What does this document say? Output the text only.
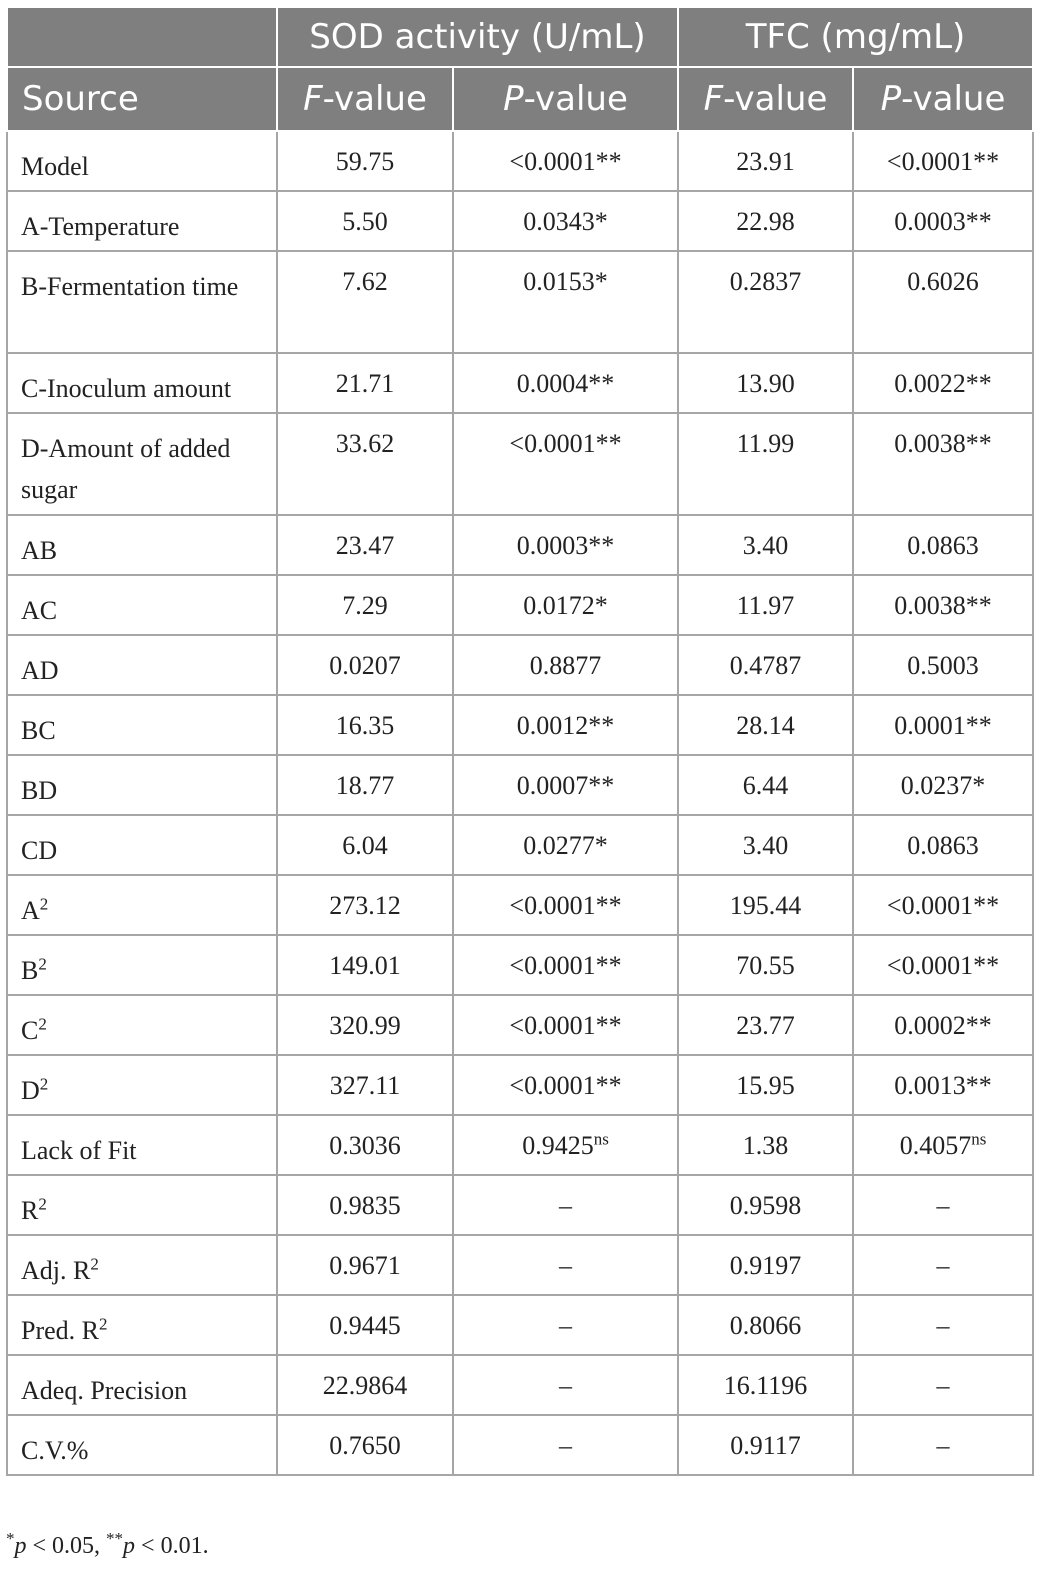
	SOD activity (U/mL)		TFC (mg/mL)	
Source	F-value	P-value	F-value	P-value
Model	59.75	<0.0001**	23.91	<0.0001**
A-Temperature	5.50	0.0343*	22.98	0.0003**
B-Fermentation time	7.62	0.0153*	0.2837	0.6026
C-Inoculum amount	21.71	0.0004**	13.90	0.0022**
D-Amount of added sugar	33.62	<0.0001**	11.99	0.0038**
AB	23.47	0.0003**	3.40	0.0863
AC	7.29	0.0172*	11.97	0.0038**
AD	0.0207	0.8877	0.4787	0.5003
BC	16.35	0.0012**	28.14	0.0001**
BD	18.77	0.0007**	6.44	0.0237*
CD	6.04	0.0277*	3.40	0.0863
$A^2$	273.12	<0.0001**	195.44	<0.0001**
$B^2$	149.01	<0.0001**	70.55	<0.0001**
$C^2$	320.99	<0.0001**	23.77	0.0002**
$D^2$	327.11	<0.0001**	15.95	0.0013**
Lack of Fit	0.3036	$0.9425^{ns}$	1.38	$0.4057^{ns}$
$R^2$	0.9835	–	0.9598	–
Adj. $R^2$	0.9671	–	0.9197	–
Pred. $R^2$	0.9445	–	0.8066	–
Adeq. Precision	22.9864	–	16.1196	–
C.V.%	0.7650	–	0.9117	–
*p < 0.05, **p < 0.01.
